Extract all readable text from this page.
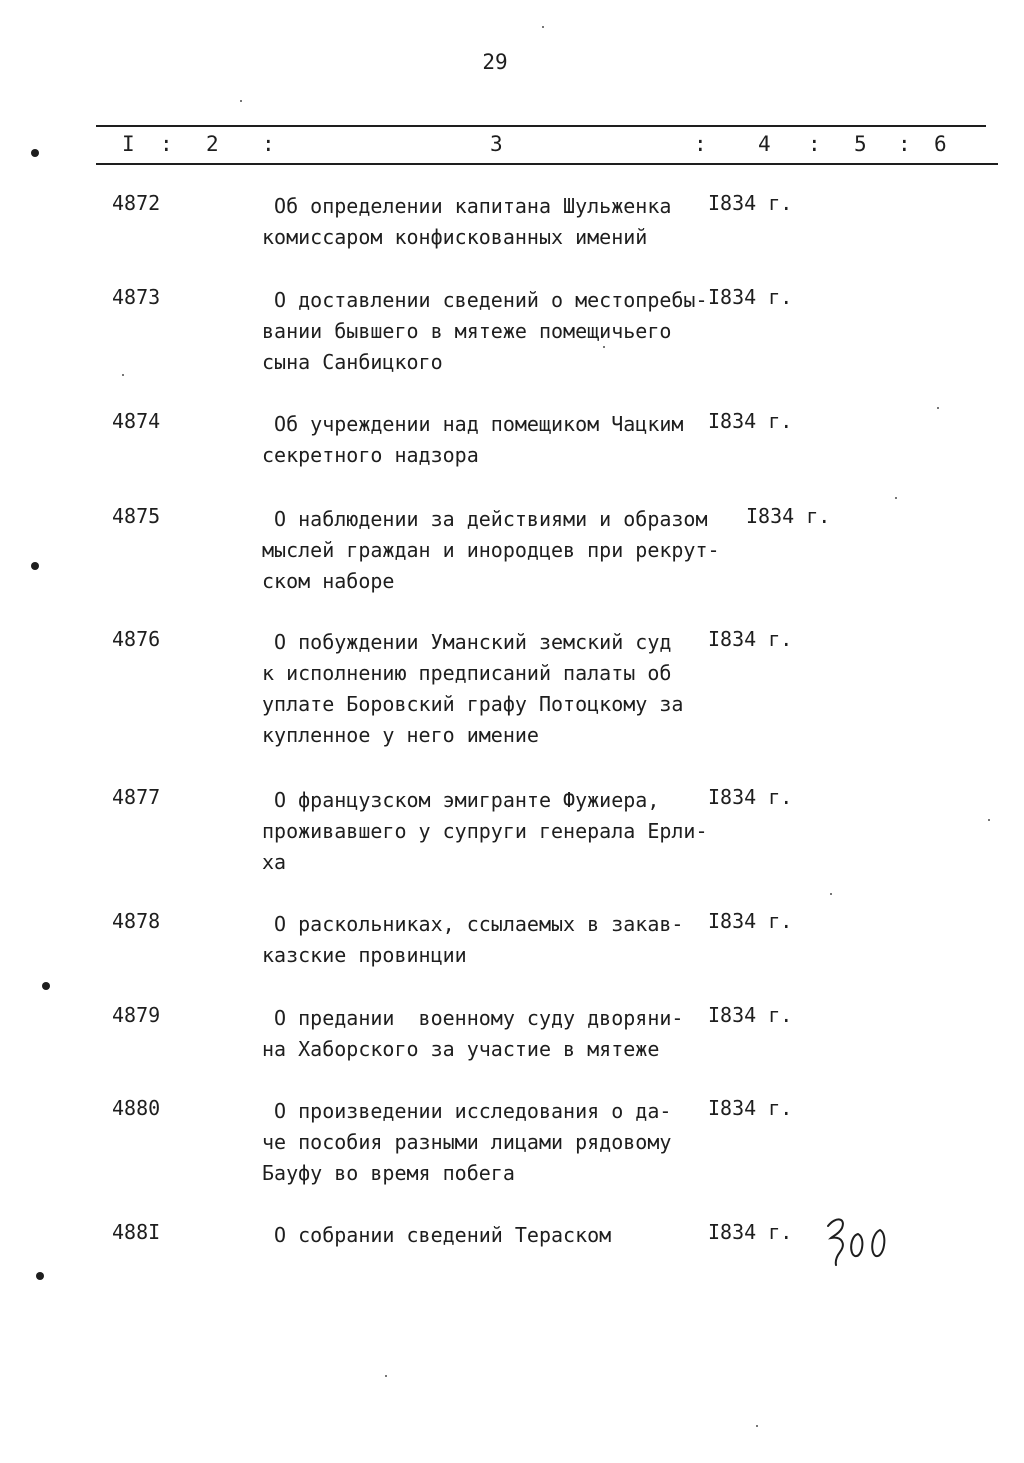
29
I : 2 :	3	: 4 : 5 : 6
4872	Об определении капитана Шульженка
комиссаром конфискованных имений
I834 г.
4873	О доставлении сведений о местопребы-
вании бывшего в мятеже помещичьего
сына Санбицкого
I834 г.
4874	Об учреждении над помещиком Чацким
секретного надзора
I834 г.
4875	О наблюдении за действиями и образом
мыслей граждан и инородцев при рекрут-
ском наборе
I834 г.
4876	О побуждении Уманский земский суд
к исполнению предписаний палаты об
уплате Боровский графу Потоцкому за
купленное у него имение
I834 г.
4877	О французском эмигранте Фужиера,
проживавшего у супруги генерала Ерли-
ха
I834 г.
4878	О раскольниках, ссылаемых в закав-
казские провинции
I834 г.
4879	О предании  военному суду дворяни-
на Хаборского за участие в мятеже
I834 г.
4880	О произведении исследования о да-
че пособия разными лицами рядовому
Бауфу во время побега
I834 г.
488I	О собрании сведений Тераском	I834 г.
